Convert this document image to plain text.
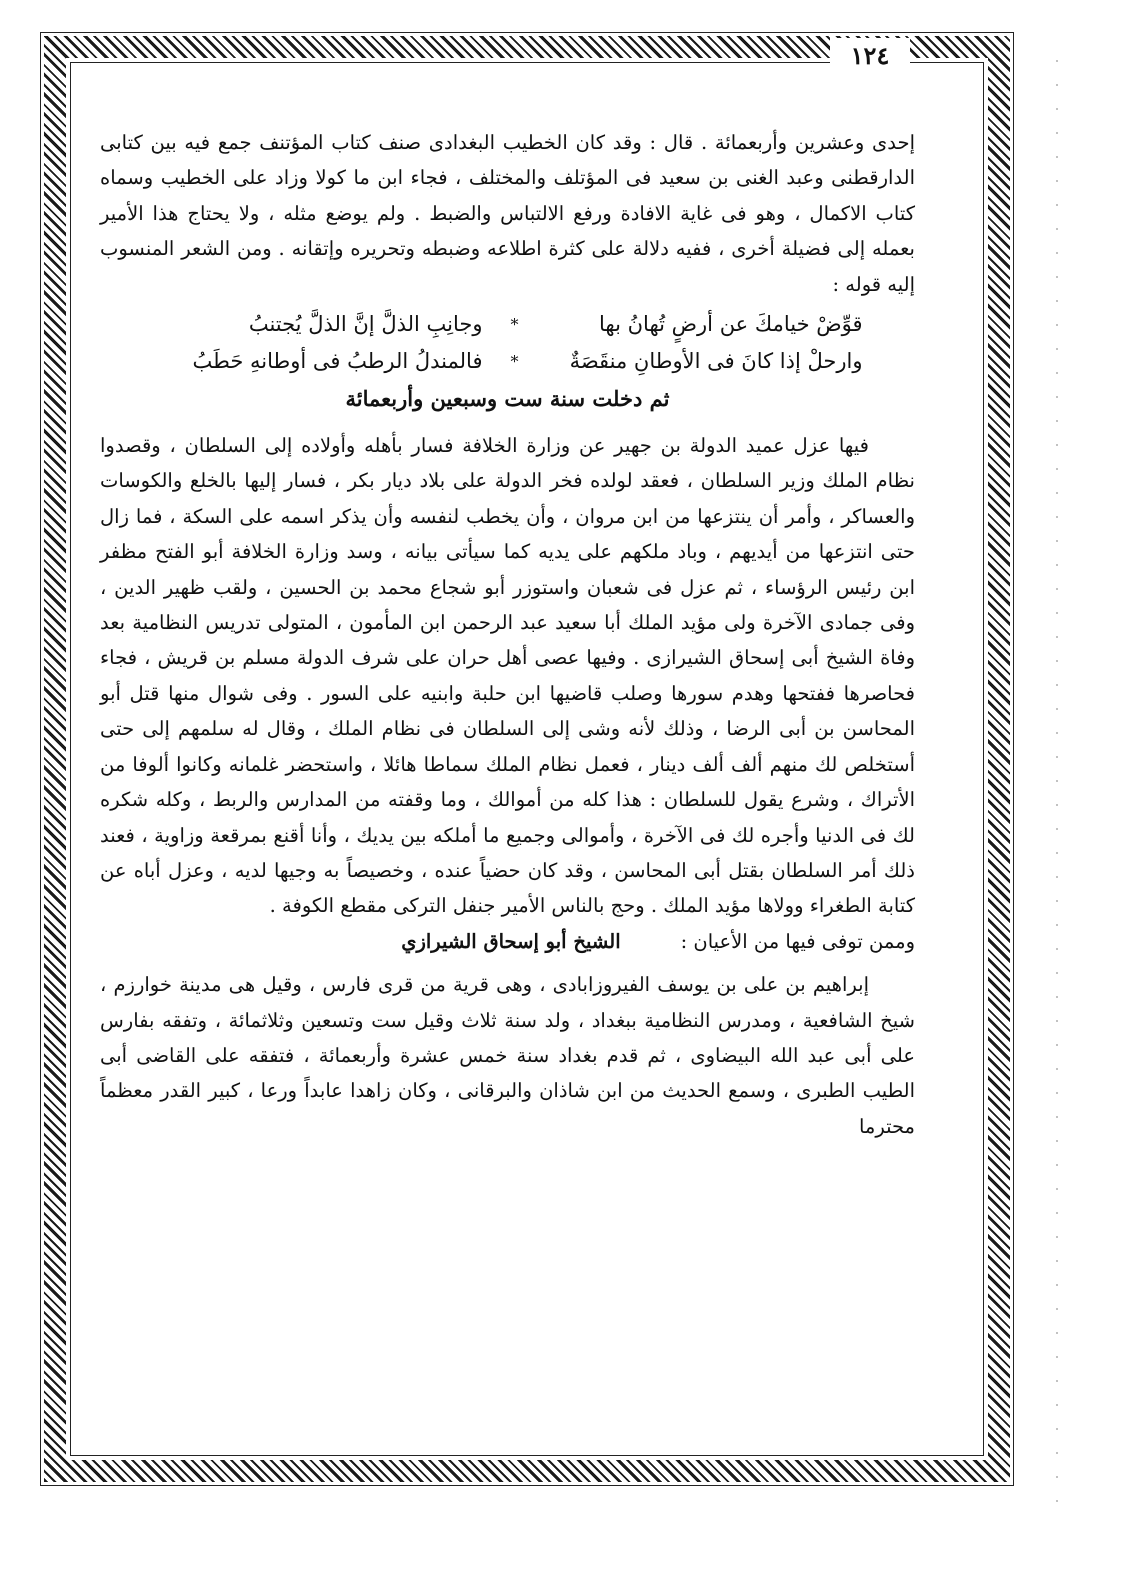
١٢٤

إحدى وعشرين وأربعمائة . قال : وقد كان الخطيب البغدادى صنف كتاب المؤتنف جمع فيه بين كتابى الدارقطنى وعبد الغنى بن سعيد فى المؤتلف والمختلف ، فجاء ابن ما كولا وزاد على الخطيب وسماه كتاب الاكمال ، وهو فى غاية الافادة ورفع الالتباس والضبط . ولم يوضع مثله ، ولا يحتاج هذا الأمير بعمله إلى فضيلة أخرى ، ففيه دلالة على كثرة اطلاعه وضبطه وتحريره وإتقانه . ومن الشعر المنسوب إليه قوله :

قوِّضْ خيامكَ عن أرضٍ تُهانُ بها
*
وجانِبِ الذلَّ إنَّ الذلَّ يُجتنبُ
وارحلْ إذا كانَ فى الأوطانِ منقَصَةٌ
*
فالمندلُ الرطبُ فى أوطانهِ حَطَبُ
ثم دخلت سنة ست وسبعين وأربعمائة

فيها عزل عميد الدولة بن جهير عن وزارة الخلافة فسار بأهله وأولاده إلى السلطان ، وقصدوا نظام الملك وزير السلطان ، فعقد لولده فخر الدولة على بلاد ديار بكر ، فسار إليها بالخلع والكوسات والعساكر ، وأمر أن ينتزعها من ابن مروان ، وأن يخطب لنفسه وأن يذكر اسمه على السكة ، فما زال حتى انتزعها من أيديهم ، وباد ملكهم على يديه كما سيأتى بيانه ، وسد وزارة الخلافة أبو الفتح مظفر ابن رئيس الرؤساء ، ثم عزل فى شعبان واستوزر أبو شجاع محمد بن الحسين ، ولقب ظهير الدين ، وفى جمادى الآخرة ولى مؤيد الملك أبا سعيد عبد الرحمن ابن المأمون ، المتولى تدريس النظامية بعد وفاة الشيخ أبى إسحاق الشيرازى . وفيها عصى أهل حران على شرف الدولة مسلم بن قريش ، فجاء فحاصرها ففتحها وهدم سورها وصلب قاضيها ابن حلبة وابنيه على السور . وفى شوال منها قتل أبو المحاسن بن أبى الرضا ، وذلك لأنه وشى إلى السلطان فى نظام الملك ، وقال له سلمهم إلى حتى أستخلص لك منهم ألف ألف دينار ، فعمل نظام الملك سماطا هائلا ، واستحضر غلمانه وكانوا ألوفا من الأتراك ، وشرع يقول للسلطان : هذا كله من أموالك ، وما وقفته من المدارس والربط ، وكله شكره لك فى الدنيا وأجره لك فى الآخرة ، وأموالى وجميع ما أملكه بين يديك ، وأنا أقنع بمرقعة وزاوية ، فعند ذلك أمر السلطان بقتل أبى المحاسن ، وقد كان حضياً عنده ، وخصيصاً به وجيها لديه ، وعزل أباه عن كتابة الطغراء وولاها مؤيد الملك . وحج بالناس الأمير جنفل التركى مقطع الكوفة .

وممن توفى فيها من الأعيان :
الشيخ أبو إسحاق الشيرازي

إبراهيم بن على بن يوسف الفيروزابادى ، وهى قرية من قرى فارس ، وقيل هى مدينة خوارزم ، شيخ الشافعية ، ومدرس النظامية ببغداد ، ولد سنة ثلاث وقيل ست وتسعين وثلاثمائة ، وتفقه بفارس على أبى عبد الله البيضاوى ، ثم قدم بغداد سنة خمس عشرة وأربعمائة ، فتفقه على القاضى أبى الطيب الطبرى ، وسمع الحديث من ابن شاذان والبرقانى ، وكان زاهدا عابداً ورعا ، كبير القدر معظماً محترما
